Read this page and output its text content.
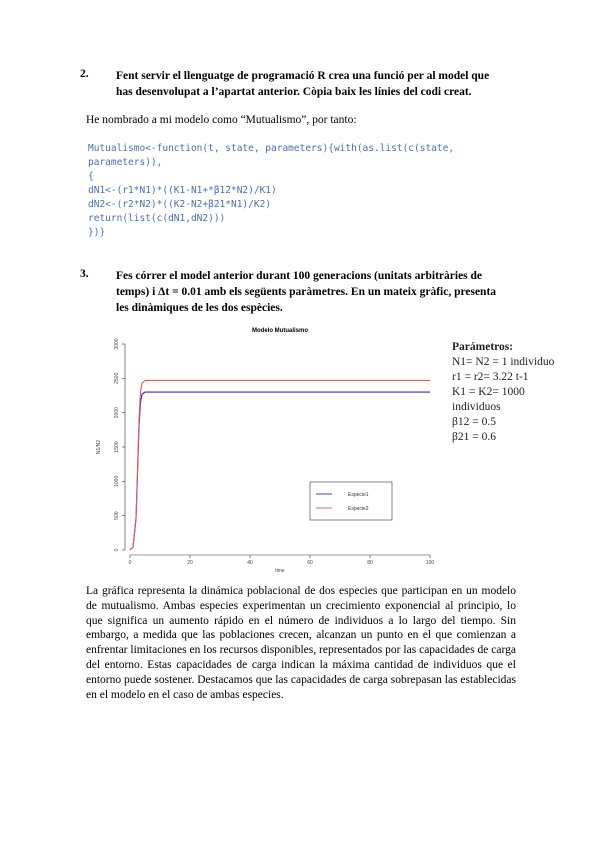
2. Fent servir el llenguatge de programació R crea una funció per al model que
has desenvolupat a l’apartat anterior. Còpia baix les línies del codi creat.
He nombrado a mi modelo como “Mutualismo”, por tanto:
Mutualismo<-function(t, state, parameters){with(as.list(c(state,
parameters)),
{
dN1<-(r1*N1)*((K1-N1+*β12*N2)/K1)
dN2<-(r2*N2)*((K2-N2+β21*N1)/K2)
return(list(c(dN1,dN2)))
})}
3. Fes córrer el model anterior durant 100 generacions (unitats arbitràries de
temps) i Δt = 0.01 amb els següents paràmetres. En un mateix gràfic, presenta
les dinàmiques de les dos espècies.
Modelo Mutualismo
0
500
1000
1500
2000
2500
3000
0	20	40	60	80	100
time
N1/N2
Especie1
Especie2
Parámetros:
N1= N2 = 1 individuo
r1 = r2= 3.22 t-1
K1 = K2= 1000
individuos
β12 = 0.5
β21 = 0.6
La gráfica representa la dinámica poblacional de dos especies que participan en un modelo de mutualismo. Ambas especies experimentan un crecimiento exponencial al principio, lo que significa un aumento rápido en el número de individuos a lo largo del tiempo. Sin embargo, a medida que las poblaciones crecen, alcanzan un punto en el que comienzan a enfrentar limitaciones en los recursos disponibles, representados por las capacidades de carga del entorno. Estas capacidades de carga indican la máxima cantidad de individuos que el entorno puede sostener. Destacamos que las capacidades de carga sobrepasan las establecidas en el modelo en el caso de ambas especies.
